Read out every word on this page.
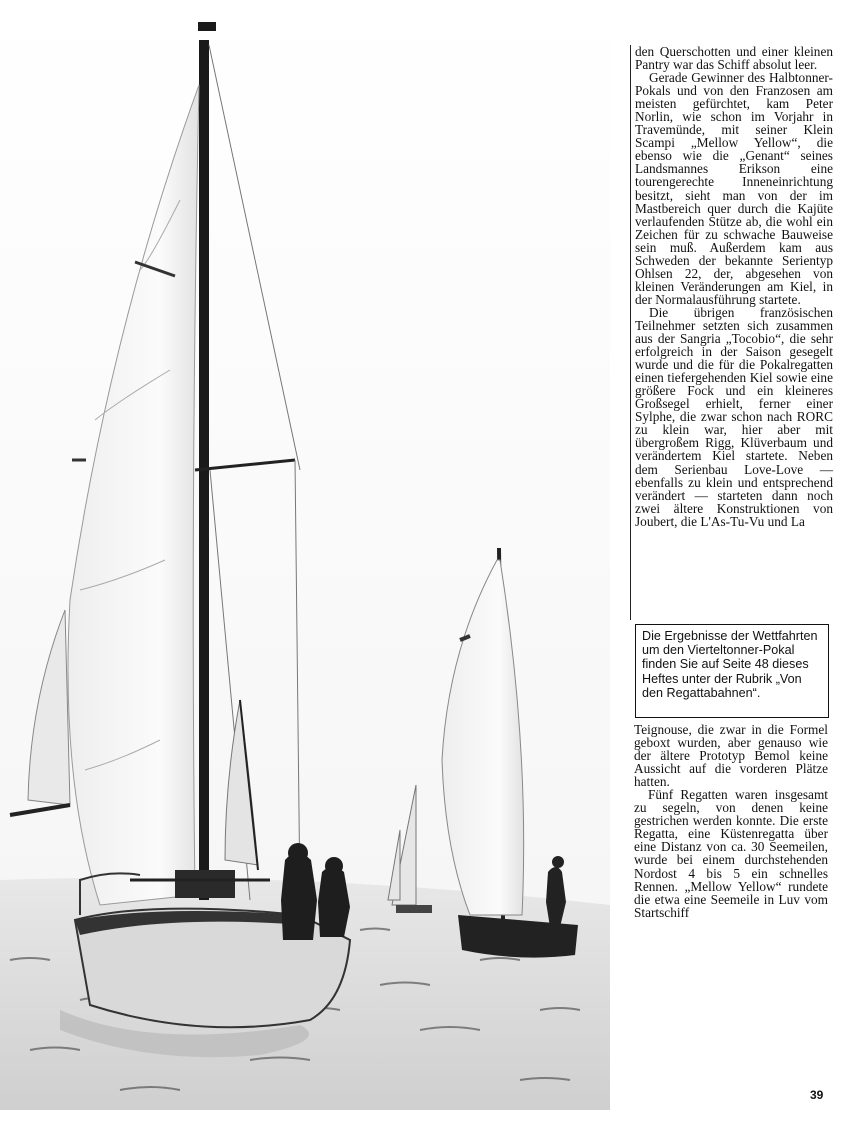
den Querschotten und einer kleinen Pantry war das Schiff absolut leer.

Gerade Gewinner des Halbtonner-Pokals und von den Franzosen am meisten gefürchtet, kam Peter Norlin, wie schon im Vorjahr in Travemünde, mit seiner Klein Scampi „Mellow Yellow“, die ebenso wie die „Genant“ seines Landsmannes Erikson eine tourengerechte Inneneinrichtung besitzt, sieht man von der im Mastbereich quer durch die Kajüte verlaufenden Stütze ab, die wohl ein Zeichen für zu schwache Bauweise sein muß. Außerdem kam aus Schweden der bekannte Serientyp Ohlsen 22, der, abgesehen von kleinen Veränderungen am Kiel, in der Normalausführung startete.

Die übrigen französischen Teilnehmer setzten sich zusammen aus der Sangria „Tocobio“, die sehr erfolgreich in der Saison gesegelt wurde und die für die Pokalregatten einen tiefergehenden Kiel sowie eine größere Fock und ein kleineres Großsegel erhielt, ferner einer Sylphe, die zwar schon nach RORC zu klein war, hier aber mit übergroßem Rigg, Klüverbaum und verändertem Kiel startete. Neben dem Serienbau Love-Love — ebenfalls zu klein und entsprechend verändert — starteten dann noch zwei ältere Konstruktionen von Joubert, die L'As-Tu-Vu und La

Die Ergebnisse der Wettfahrten um den Vierteltonner-Pokal finden Sie auf Seite 48 dieses Heftes unter der Rubrik „Von den Regattabahnen“.

Teignouse, die zwar in die Formel geboxt wurden, aber genauso wie der ältere Prototyp Bemol keine Aussicht auf die vorderen Plätze hatten.

Fünf Regatten waren insgesamt zu segeln, von denen keine gestrichen werden konnte. Die erste Regatta, eine Küstenregatta über eine Distanz von ca. 30 Seemeilen, wurde bei einem durchstehenden Nordost 4 bis 5 ein schnelles Rennen. „Mellow Yellow“ rundete die etwa eine Seemeile in Luv vom Startschiff

39
